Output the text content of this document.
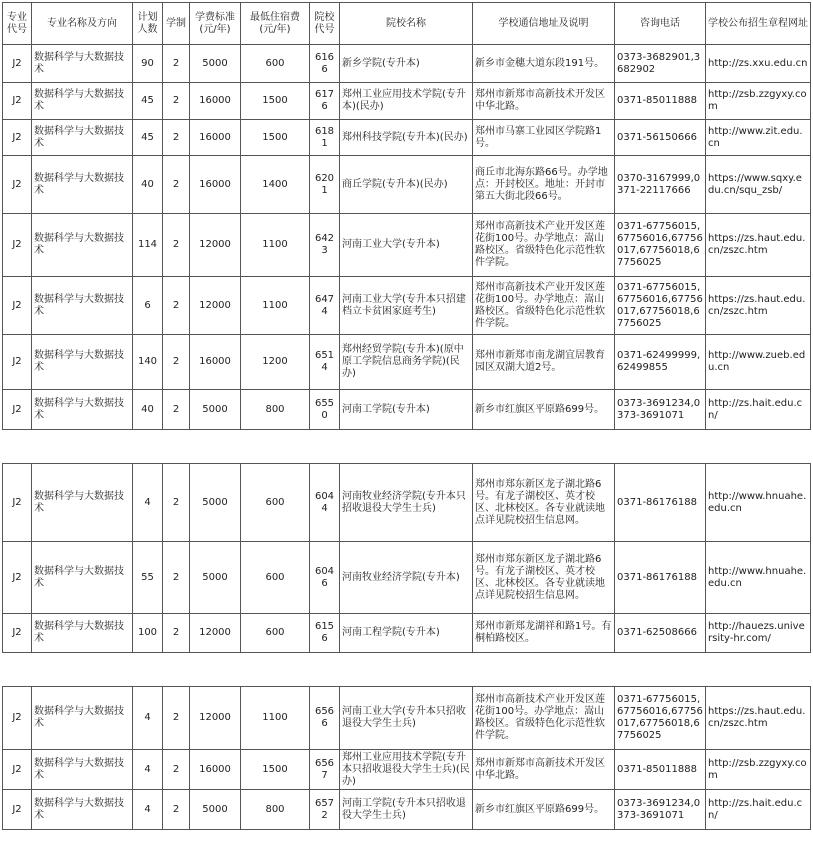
专业代号	专业名称及方向	计划人数	学制	学费标准(元/年)	最低住宿费(元/年)	院校代号	院校名称	学校通信地址及说明	咨询电话	学校公布招生章程网址
J2	数据科学与大数据技术	90	2	5000	600	6166	新乡学院(专升本)	新乡市金穗大道东段191号。	0373-3682901,3682902	http://zs.xxu.edu.cn
J2	数据科学与大数据技术	45	2	16000	1500	6176	郑州工业应用技术学院(专升本)(民办)	郑州市新郑市高新技术开发区中华北路。	0371-85011888	http://zsb.zzgyxy.com
J2	数据科学与大数据技术	45	2	16000	1500	6181	郑州科技学院(专升本)(民办)	郑州市马寨工业园区学院路1号。	0371-56150666	http://www.zit.edu.cn
J2	数据科学与大数据技术	40	2	16000	1400	6201	商丘学院(专升本)(民办)	商丘市北海东路66号。办学地点：开封校区。地址：开封市第五大街北段66号。	0370-3167999,0371-22117666	https://www.sqxy.edu.cn/squ_zsb/
J2	数据科学与大数据技术	114	2	12000	1100	6423	河南工业大学(专升本)	郑州市高新技术产业开发区莲花街100号。办学地点：嵩山路校区。省级特色化示范性软件学院。	0371-67756015,67756016,67756017,67756018,67756025	https://zs.haut.edu.cn/zszc.htm
J2	数据科学与大数据技术	6	2	12000	1100	6474	河南工业大学(专升本只招建档立卡贫困家庭考生)	郑州市高新技术产业开发区莲花街100号。办学地点：嵩山路校区。省级特色化示范性软件学院。	0371-67756015,67756016,67756017,67756018,67756025	https://zs.haut.edu.cn/zszc.htm
J2	数据科学与大数据技术	140	2	16000	1200	6514	郑州经贸学院(专升本)(原中原工学院信息商务学院)(民办)	郑州市新郑市南龙湖宜居教育园区双湖大道2号。	0371-62499999,62499855	http://www.zueb.edu.cn
J2	数据科学与大数据技术	40	2	5000	800	6550	河南工学院(专升本)	新乡市红旗区平原路699号。	0373-3691234,0373-3691071	http://zs.hait.edu.cn/
J2	数据科学与大数据技术	4	2	5000	600	6044	河南牧业经济学院(专升本只招收退役大学生士兵)	郑州市郑东新区龙子湖北路6号。有龙子湖校区、英才校区、北林校区。各专业就读地点详见院校招生信息网。	0371-86176188	http://www.hnuahe.edu.cn
J2	数据科学与大数据技术	55	2	5000	600	6046	河南牧业经济学院(专升本)	郑州市郑东新区龙子湖北路6号。有龙子湖校区、英才校区、北林校区。各专业就读地点详见院校招生信息网。	0371-86176188	http://www.hnuahe.edu.cn
J2	数据科学与大数据技术	100	2	12000	600	6156	河南工程学院(专升本)	郑州市新郑龙湖祥和路1号。有桐柏路校区。	0371-62508666	http://hauezs.university-hr.com/
J2	数据科学与大数据技术	4	2	12000	1100	6566	河南工业大学(专升本只招收退役大学生士兵)	郑州市高新技术产业开发区莲花街100号。办学地点：嵩山路校区。省级特色化示范性软件学院。	0371-67756015,67756016,67756017,67756018,67756025	https://zs.haut.edu.cn/zszc.htm
J2	数据科学与大数据技术	4	2	16000	1500	6567	郑州工业应用技术学院(专升本只招收退役大学生士兵)(民办)	郑州市新郑市高新技术开发区中华北路。	0371-85011888	http://zsb.zzgyxy.com
J2	数据科学与大数据技术	4	2	5000	800	6572	河南工学院(专升本只招收退役大学生士兵)	新乡市红旗区平原路699号。	0373-3691234,0373-3691071	http://zs.hait.edu.cn/
